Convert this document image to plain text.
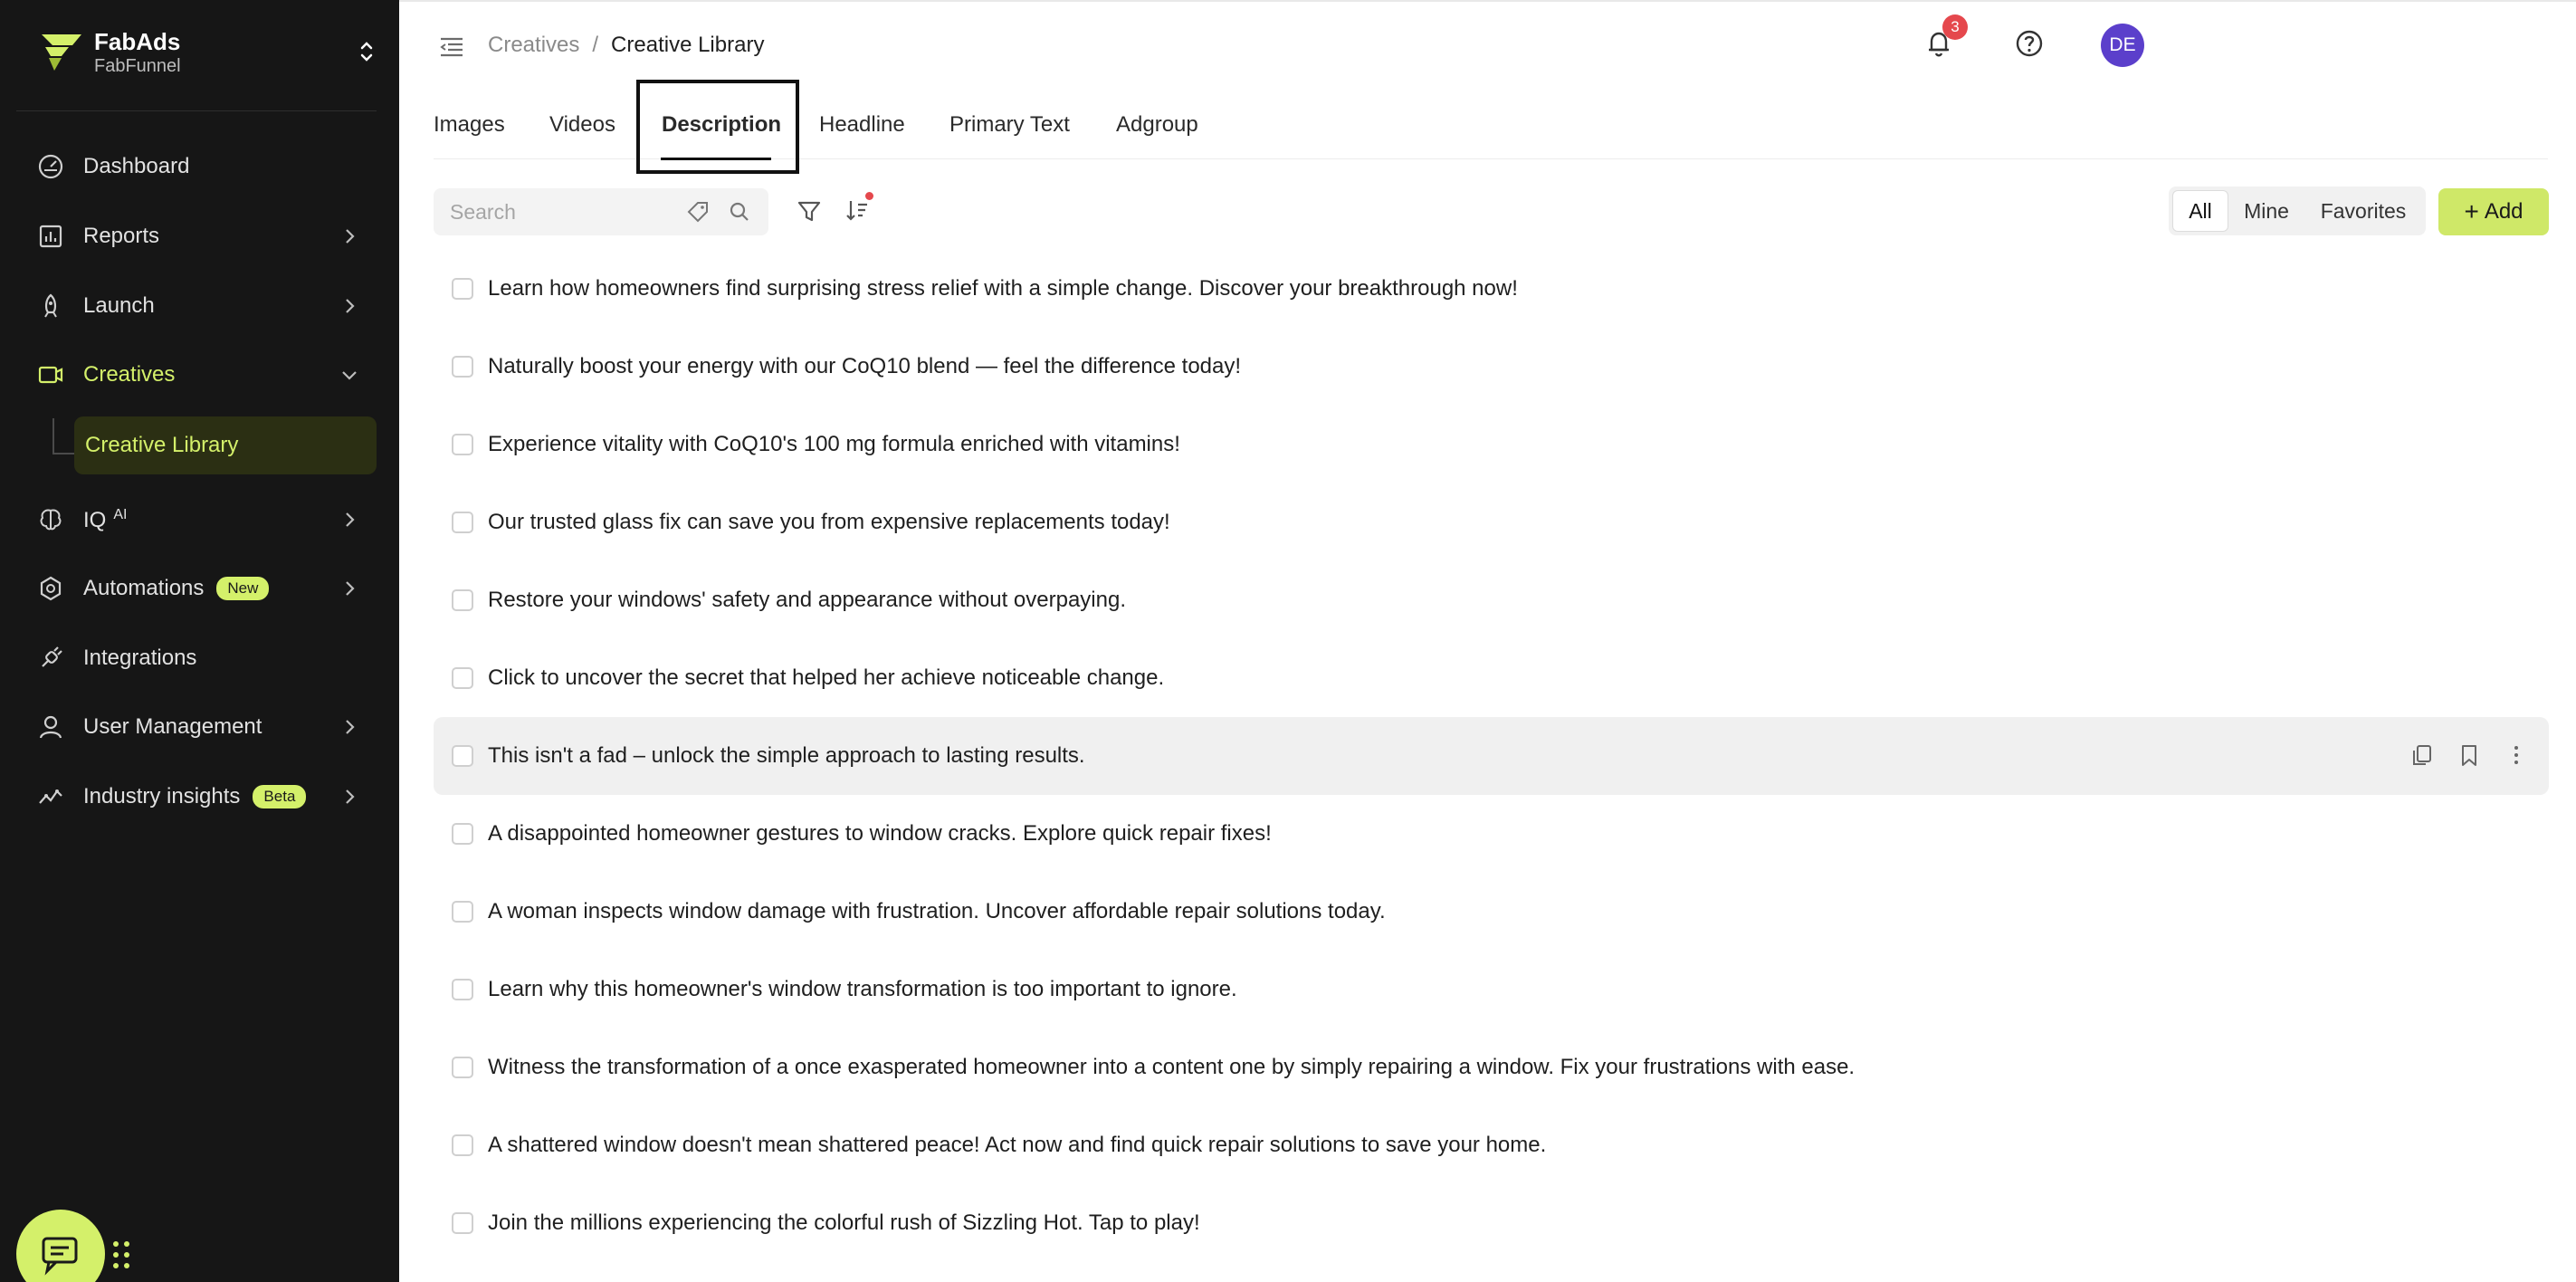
FabAds
FabFunnel
Dashboard
Reports
Launch
Creatives
Creative Library
IQ $^{AI}$
Automations	New
Integrations
User Management
Industry insights	Beta
Creatives / Creative Library
3
DE
Images Videos Description Headline Primary Text Adgroup
Search
All	Mine	Favorites	+ Add
Learn how homeowners find surprising stress relief with a simple change. Discover your breakthrough now!
Naturally boost your energy with our CoQ10 blend — feel the difference today!
Experience vitality with CoQ10's 100 mg formula enriched with vitamins!
Our trusted glass fix can save you from expensive replacements today!
Restore your windows' safety and appearance without overpaying.
Click to uncover the secret that helped her achieve noticeable change.
This isn't a fad – unlock the simple approach to lasting results.
A disappointed homeowner gestures to window cracks. Explore quick repair fixes!
A woman inspects window damage with frustration. Uncover affordable repair solutions today.
Learn why this homeowner's window transformation is too important to ignore.
Witness the transformation of a once exasperated homeowner into a content one by simply repairing a window. Fix your frustrations with ease.
A shattered window doesn't mean shattered peace! Act now and find quick repair solutions to save your home.
Join the millions experiencing the colorful rush of Sizzling Hot. Tap to play!
